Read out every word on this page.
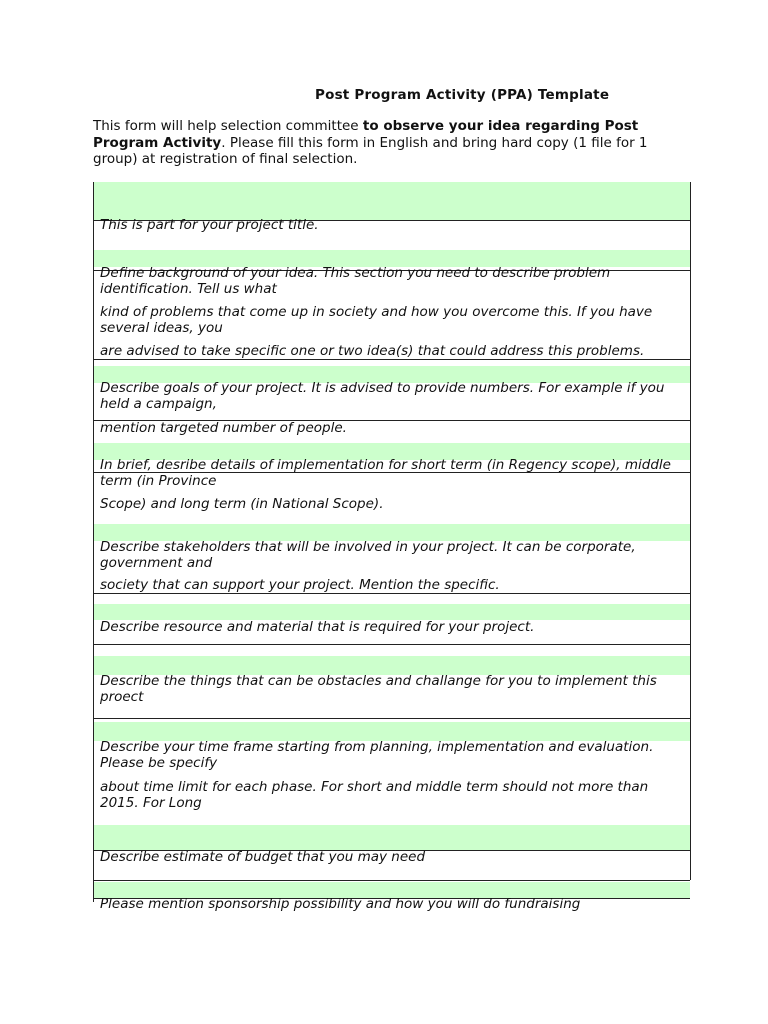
Post Program Activity (PPA) Template
This form will help selection committee to observe your idea regarding Post Program Activity. Please fill this form in English and bring hard copy (1 file for 1 group) at registration of final selection.
This is part for your project title.
Define background of your idea. This section you need to describe problem identification. Tell us what
kind of problems that come up in society and how you overcome this. If you have several ideas, you
are advised to take specific one or two idea(s) that could address this problems.
Describe goals of your project. It is advised to provide numbers. For example if you held a campaign,
mention targeted number of people.
In brief, desribe details of implementation for short term (in Regency scope), middle term (in Province
Scope) and long term (in National Scope).
Describe stakeholders that will be involved in your project. It can be corporate, government and
society that can support your project. Mention the specific.
Describe resource and material that is required for your project.
Describe the things that can be obstacles and challange for you to implement this proect
Describe your time frame starting from planning, implementation and evaluation. Please be specify
about time limit for each phase. For short and middle term should not more than 2015. For Long
Describe estimate of budget that you may need
Please mention sponsorship possibility and how you will do fundraising
